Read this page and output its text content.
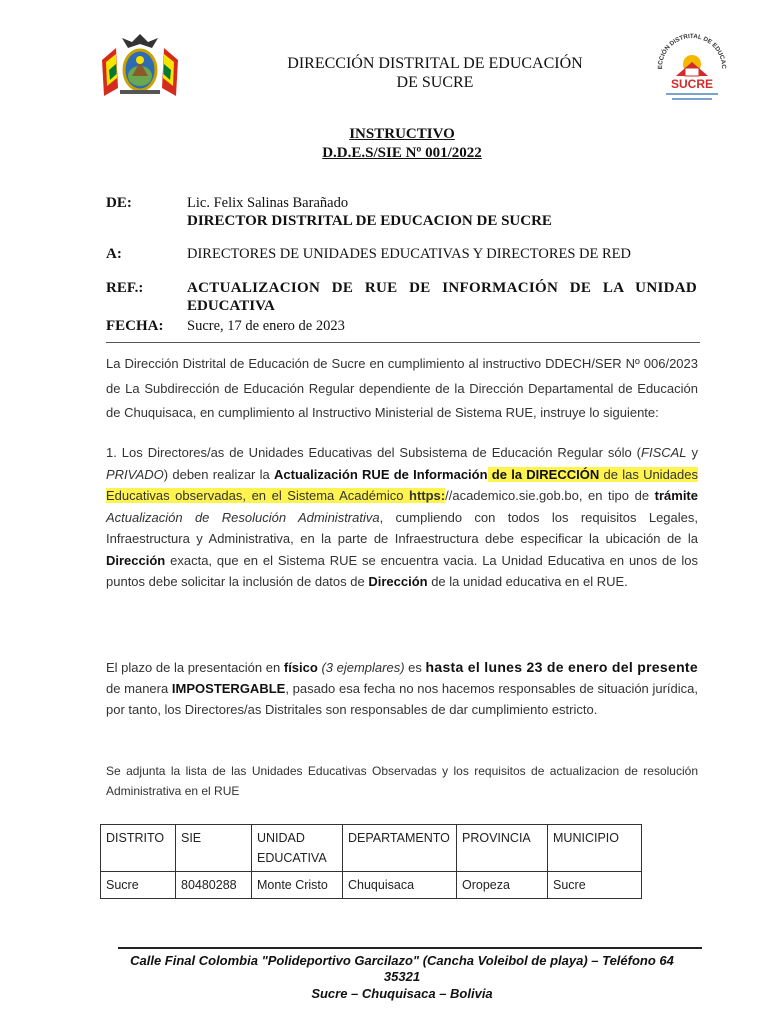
DIRECCIÓN DISTRITAL DE EDUCACIÓN
DE SUCRE
ECCIÓN DISTRITAL DE EDUCAC
SUCRE
INSTRUCTIVO
D.D.E.S/SIE Nº 001/2022
DE:	Lic. Felix Salinas Barañado
DIRECTOR DISTRITAL DE EDUCACION DE SUCRE
A:	DIRECTORES DE UNIDADES EDUCATIVAS Y DIRECTORES DE RED
REF.:	ACTUALIZACION DE RUE DE INFORMACIÓN DE LA UNIDAD
EDUCATIVA
FECHA: Sucre, 17 de enero de 2023
La Dirección Distrital de Educación de Sucre en cumplimiento al instructivo DDECH/SER Nº 006/2023 de La Subdirección de Educación Regular dependiente de la Dirección Departamental de Educación de Chuquisaca, en cumplimiento al Instructivo Ministerial de Sistema RUE, instruye lo siguiente:
1. Los Directores/as de Unidades Educativas del Subsistema de Educación Regular sólo (FISCAL y PRIVADO) deben realizar la Actualización RUE de Información de la DIRECCIÓN de las Unidades Educativas observadas, en el Sistema Académico https://academico.sie.gob.bo, en tipo de trámite Actualización de Resolución Administrativa, cumpliendo con todos los requisitos Legales, Infraestructura y Administrativa, en la parte de Infraestructura debe especificar la ubicación de la Dirección exacta, que en el Sistema RUE se encuentra vacia. La Unidad Educativa en unos de los puntos debe solicitar la inclusión de datos de Dirección de la unidad educativa en el RUE.
El plazo de la presentación en físico (3 ejemplares) es hasta el lunes 23 de enero del presente de manera IMPOSTERGABLE, pasado esa fecha no nos hacemos responsables de situación jurídica, por tanto, los Directores/as Distritales son responsables de dar cumplimiento estricto.
Se adjunta la lista de las Unidades Educativas Observadas y los requisitos de actualizacion de resolución Administrativa en el RUE
DISTRITO	SIE	UNIDAD EDUCATIVA	DEPARTAMENTO	PROVINCIA	MUNICIPIO
Sucre	80480288	Monte Cristo	Chuquisaca	Oropeza	Sucre
Calle Final Colombia "Polideportivo Garcilazo" (Cancha Voleibol de playa) – Teléfono 64
35321
Sucre – Chuquisaca – Bolivia
